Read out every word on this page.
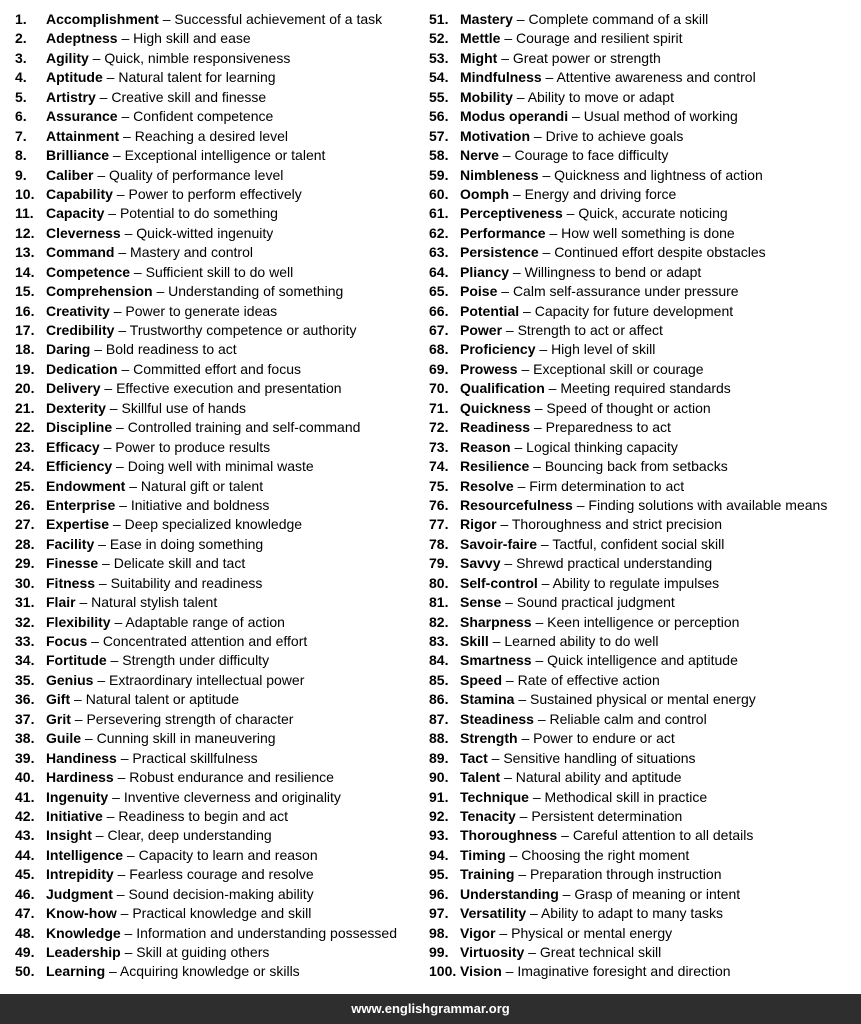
1.	Accomplishment – Successful achievement of a task
2.	Adeptness – High skill and ease
3.	Agility – Quick, nimble responsiveness
4.	Aptitude – Natural talent for learning
5.	Artistry – Creative skill and finesse
6.	Assurance – Confident competence
7.	Attainment – Reaching a desired level
8.	Brilliance – Exceptional intelligence or talent
9.	Caliber – Quality of performance level
10. Capability – Power to perform effectively
11. Capacity – Potential to do something
12. Cleverness – Quick-witted ingenuity
13. Command – Mastery and control
14. Competence – Sufficient skill to do well
15. Comprehension – Understanding of something
16. Creativity – Power to generate ideas
17. Credibility – Trustworthy competence or authority
18. Daring – Bold readiness to act
19. Dedication – Committed effort and focus
20. Delivery – Effective execution and presentation
21. Dexterity – Skillful use of hands
22. Discipline – Controlled training and self-command
23. Efficacy – Power to produce results
24. Efficiency – Doing well with minimal waste
25. Endowment – Natural gift or talent
26. Enterprise – Initiative and boldness
27. Expertise – Deep specialized knowledge
28. Facility – Ease in doing something
29. Finesse – Delicate skill and tact
30. Fitness – Suitability and readiness
31. Flair – Natural stylish talent
32. Flexibility – Adaptable range of action
33. Focus – Concentrated attention and effort
34. Fortitude – Strength under difficulty
35. Genius – Extraordinary intellectual power
36. Gift – Natural talent or aptitude
37. Grit – Persevering strength of character
38. Guile – Cunning skill in maneuvering
39. Handiness – Practical skillfulness
40. Hardiness – Robust endurance and resilience
41. Ingenuity – Inventive cleverness and originality
42. Initiative – Readiness to begin and act
43. Insight – Clear, deep understanding
44. Intelligence – Capacity to learn and reason
45. Intrepidity – Fearless courage and resolve
46. Judgment – Sound decision-making ability
47. Know-how – Practical knowledge and skill
48. Knowledge – Information and understanding possessed
49. Leadership – Skill at guiding others
50. Learning – Acquiring knowledge or skills
51. Mastery – Complete command of a skill
52. Mettle – Courage and resilient spirit
53. Might – Great power or strength
54. Mindfulness – Attentive awareness and control
55. Mobility – Ability to move or adapt
56. Modus operandi – Usual method of working
57. Motivation – Drive to achieve goals
58. Nerve – Courage to face difficulty
59. Nimbleness – Quickness and lightness of action
60. Oomph – Energy and driving force
61. Perceptiveness – Quick, accurate noticing
62. Performance – How well something is done
63. Persistence – Continued effort despite obstacles
64. Pliancy – Willingness to bend or adapt
65. Poise – Calm self-assurance under pressure
66. Potential – Capacity for future development
67. Power – Strength to act or affect
68. Proficiency – High level of skill
69. Prowess – Exceptional skill or courage
70. Qualification – Meeting required standards
71. Quickness – Speed of thought or action
72. Readiness – Preparedness to act
73. Reason – Logical thinking capacity
74. Resilience – Bouncing back from setbacks
75. Resolve – Firm determination to act
76. Resourcefulness – Finding solutions with available means
77. Rigor – Thoroughness and strict precision
78. Savoir-faire – Tactful, confident social skill
79. Savvy – Shrewd practical understanding
80. Self-control – Ability to regulate impulses
81. Sense – Sound practical judgment
82. Sharpness – Keen intelligence or perception
83. Skill – Learned ability to do well
84. Smartness – Quick intelligence and aptitude
85. Speed – Rate of effective action
86. Stamina – Sustained physical or mental energy
87. Steadiness – Reliable calm and control
88. Strength – Power to endure or act
89. Tact – Sensitive handling of situations
90. Talent – Natural ability and aptitude
91. Technique – Methodical skill in practice
92. Tenacity – Persistent determination
93. Thoroughness – Careful attention to all details
94. Timing – Choosing the right moment
95. Training – Preparation through instruction
96. Understanding – Grasp of meaning or intent
97. Versatility – Ability to adapt to many tasks
98. Vigor – Physical or mental energy
99. Virtuosity – Great technical skill
100. Vision – Imaginative foresight and direction
www.englishgrammar.org
